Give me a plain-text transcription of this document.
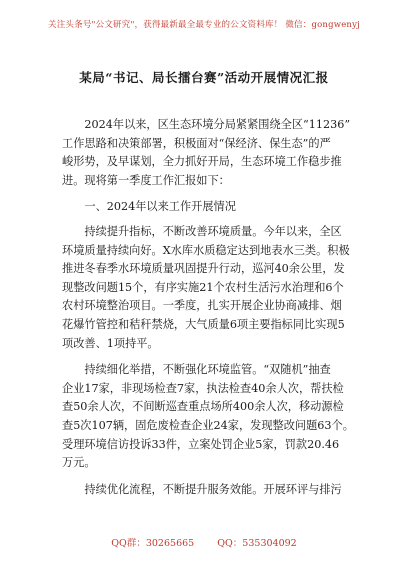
关注头条号"公文研究"，获得最新最全最专业的公文资料库！ 微信：gongwenyj
某局“书记、局长擂台赛”活动开展情况汇报
　　2024年以来，区生态环境分局紧紧围绕全区“11236”
工作思路和决策部署，积极面对“保经济、保生态”的严
峻形势，及早谋划，全力抓好开局，生态环境工作稳步推
进。现将第一季度工作汇报如下：
　　一、2024年以来工作开展情况
　　持续提升指标，不断改善环境质量。今年以来，全区
环境质量持续向好。X水库水质稳定达到地表水三类。积极
推进冬春季水环境质量巩固提升行动，巡河40余公里，发
现整改问题15个，有序实施21个农村生活污水治理和6个
农村环境整治项目。一季度，扎实开展企业协商减排、烟
花爆竹管控和秸秆禁烧，大气质量6项主要指标同比实现5
项改善、1项持平。
　　持续细化举措，不断强化环境监管。“双随机”抽查
企业17家，非现场检查7家，执法检查40余人次，帮扶检
查50余人次，不间断巡查重点场所400余人次，移动源检
查5次107辆，固危废检查企业24家，发现整改问题63个。
受理环境信访投诉33件，立案处罚企业5家，罚款20.46
万元。
　　持续优化流程，不断提升服务效能。开展环评与排污
QQ群：30265665 QQ：535304092
